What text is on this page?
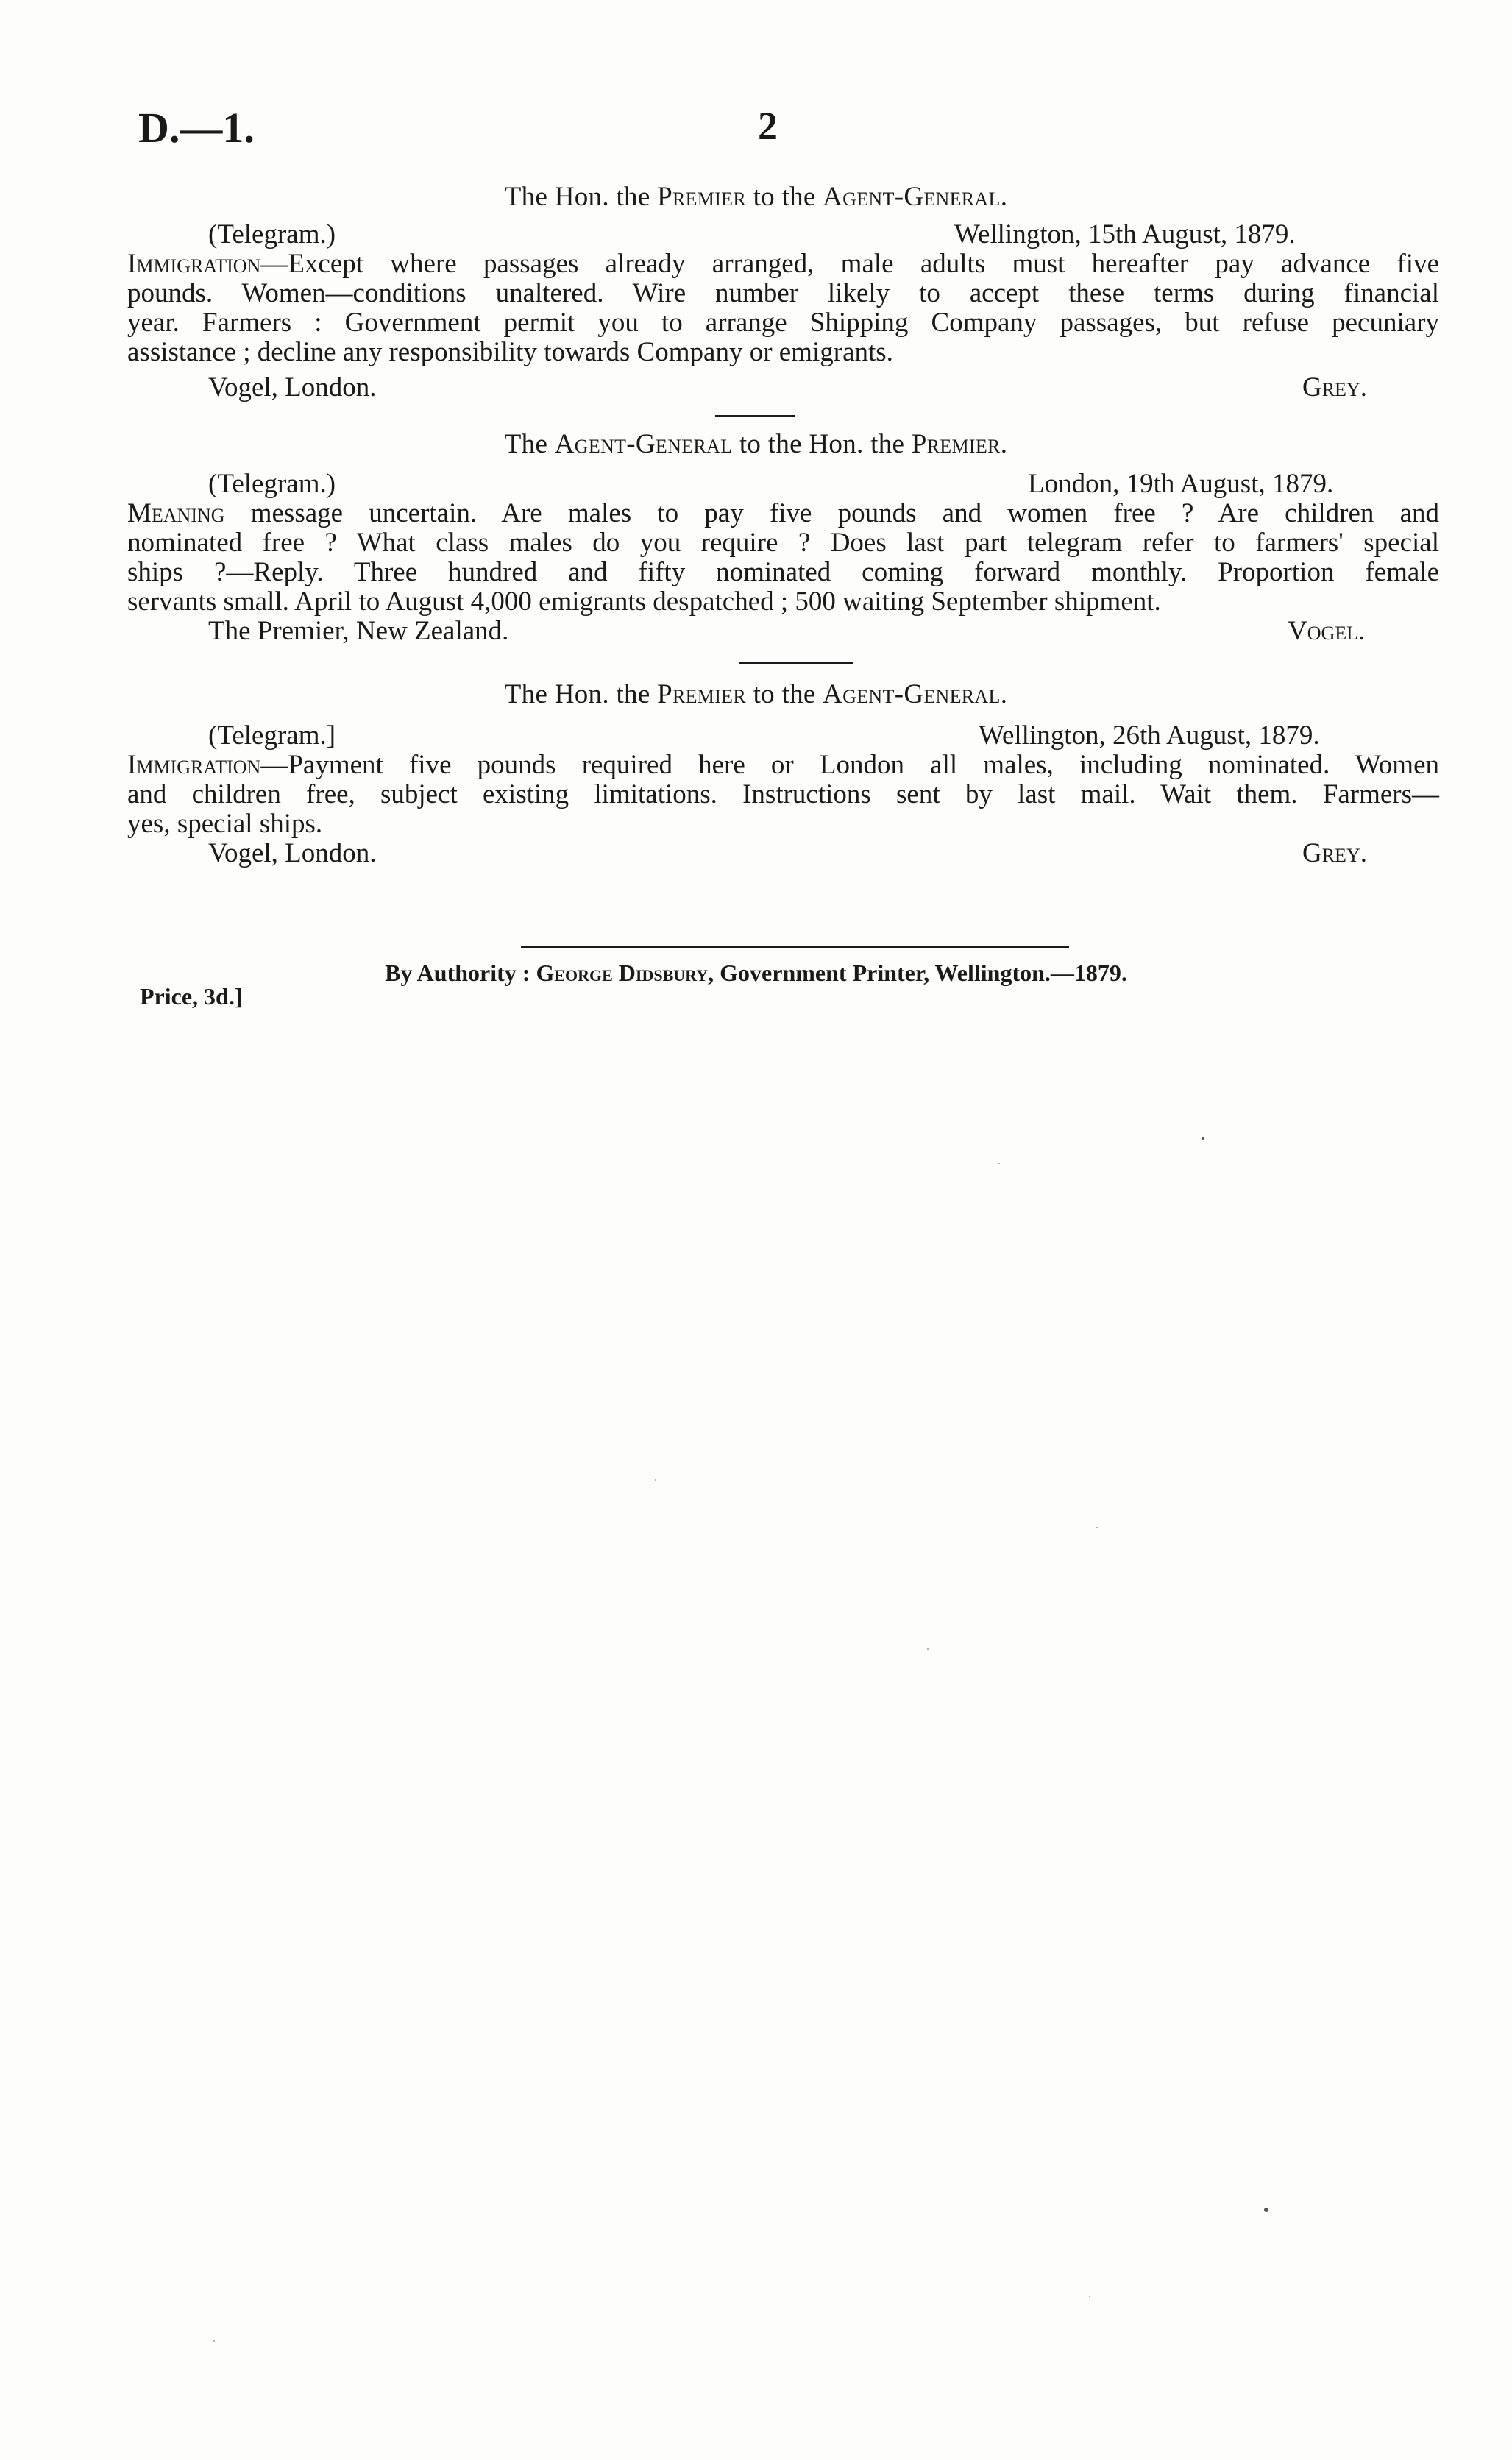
D.—1.	2
The Hon. the Premier to the Agent-General.
(Telegram.)	Wellington, 15th August, 1879.
Immigration—Except where passages already arranged, male adults must hereafter pay advance five
pounds. Women—conditions unaltered. Wire number likely to accept these terms during financial
year. Farmers : Government permit you to arrange Shipping Company passages, but refuse pecuniary
assistance ; decline any responsibility towards Company or emigrants.
Vogel, London.	Grey.
The Agent-General to the Hon. the Premier.
(Telegram.)	London, 19th August, 1879.
Meaning message uncertain. Are males to pay five pounds and women free ? Are children and
nominated free ? What class males do you require ? Does last part telegram refer to farmers' special
ships ?—Reply. Three hundred and fifty nominated coming forward monthly. Proportion female
servants small. April to August 4,000 emigrants despatched ; 500 waiting September shipment.
The Premier, New Zealand.	Vogel.
The Hon. the Premier to the Agent-General.
(Telegram.]	Wellington, 26th August, 1879.
Immigration—Payment five pounds required here or London all males, including nominated. Women
and children free, subject existing limitations. Instructions sent by last mail. Wait them. Farmers—
yes, special ships.
Vogel, London.	Grey.
By Authority : George Didsbury, Government Printer, Wellington.—1879.
Price, 3d.]
